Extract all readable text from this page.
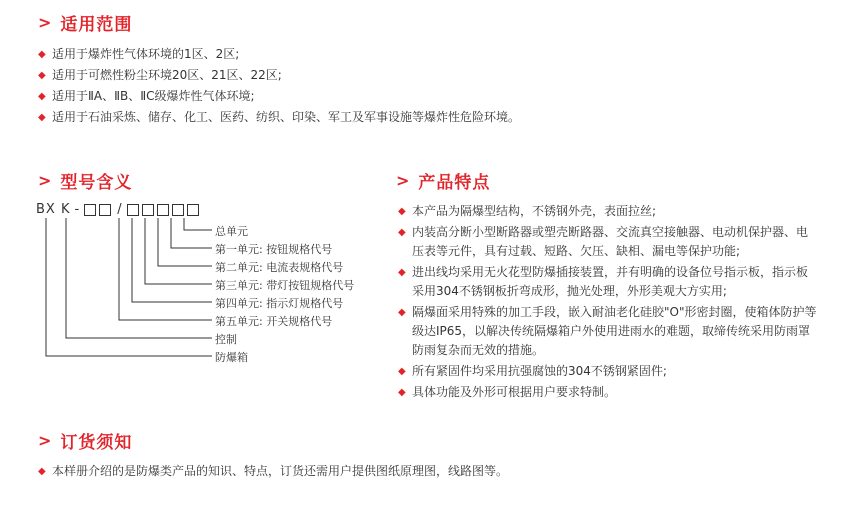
> 适用范围
◆ 适用于爆炸性气体环境的1区、2区;
◆ 适用于可燃性粉尘环境20区、21区、22区;
◆ 适用于ⅡA、ⅡB、ⅡC级爆炸性气体环境;
◆ 适用于石油采炼、储存、化工、医药、纺织、印染、军工及军事设施等爆炸性危险环境。
> 型号含义
BX K -	/
总单元
第一单元: 按钮规格代号
第二单元: 电流表规格代号
第三单元: 带灯按钮规格代号
第四单元: 指示灯规格代号
第五单元: 开关规格代号
控制
防爆箱
> 产品特点
◆ 本产品为隔爆型结构，不锈钢外壳，表面拉丝;
◆ 内装高分断小型断路器或塑壳断路器、交流真空接触器、电动机保护器、电压表等元件，具有过载、短路、欠压、缺相、漏电等保护功能;
◆ 进出线均采用无火花型防爆插接装置，并有明确的设备位号指示板，指示板采用304不锈钢板折弯成形，抛光处理，外形美观大方实用;
◆ 隔爆面采用特殊的加工手段，嵌入耐油老化硅胶"O"形密封圈，使箱体防护等级达IP65，以解决传统隔爆箱户外使用进雨水的难题，取缔传统采用防雨罩防雨复杂而无效的措施。
◆ 所有紧固件均采用抗强腐蚀的304不锈钢紧固件;
◆ 具体功能及外形可根据用户要求特制。
> 订货须知
◆ 本样册介绍的是防爆类产品的知识、特点，订货还需用户提供图纸原理图，线路图等。
